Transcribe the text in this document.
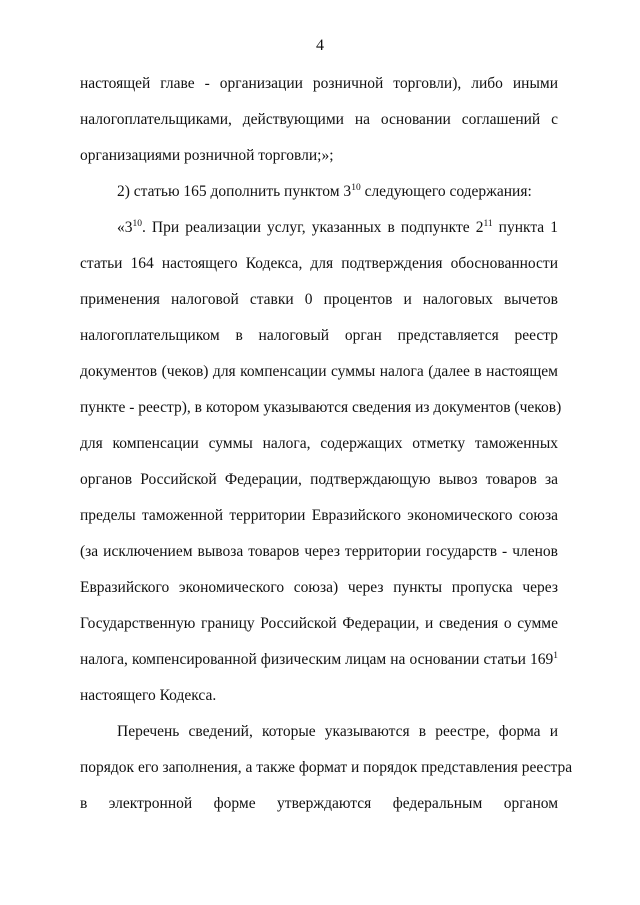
4
настоящей главе - организации розничной торговли), либо иными
налогоплательщиками, действующими на основании соглашений с
организациями розничной торговли;»;
2) статью 165 дополнить пунктом $3^{10}$ следующего содержания:
«$3^{10}$. При реализации услуг, указанных в подпункте $2^{11}$ пункта 1
статьи 164 настоящего Кодекса, для подтверждения обоснованности
применения налоговой ставки 0 процентов и налоговых вычетов
налогоплательщиком в налоговый орган представляется реестр
документов (чеков) для компенсации суммы налога (далее в настоящем
пункте - реестр), в котором указываются сведения из документов (чеков)
для компенсации суммы налога, содержащих отметку таможенных
органов Российской Федерации, подтверждающую вывоз товаров за
пределы таможенной территории Евразийского экономического союза
(за исключением вывоза товаров через территории государств - членов
Евразийского экономического союза) через пункты пропуска через
Государственную границу Российской Федерации, и сведения о сумме
налога, компенсированной физическим лицам на основании статьи $169^1$
настоящего Кодекса.
Перечень сведений, которые указываются в реестре, форма и
порядок его заполнения, а также формат и порядок представления реестра
в электронной форме утверждаются федеральным органом
